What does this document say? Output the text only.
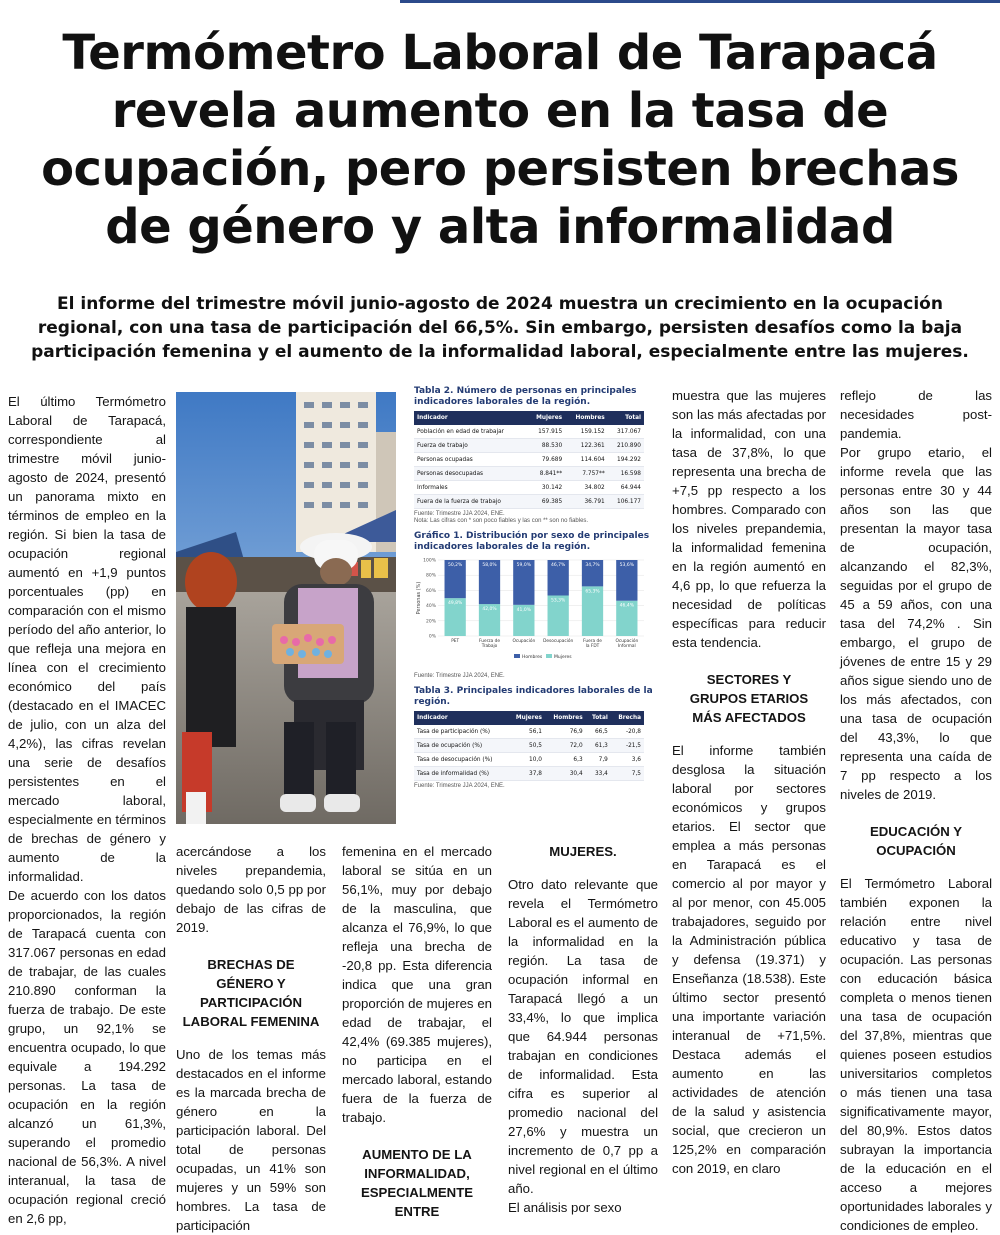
Termómetro Laboral de Tarapacá revela aumento en la tasa de ocupación, pero persisten brechas de género y alta informalidad

El informe del trimestre móvil junio-agosto de 2024 muestra un crecimiento en la ocupación regional, con una tasa de participación del 66,5%. Sin embargo, persisten desafíos como la baja participación femenina y el aumento de la informalidad laboral, especialmente entre las mujeres.

El último Termómetro Laboral de Tarapacá, correspondiente al trimestre móvil junio-agosto de 2024, presentó un panorama mixto en términos de empleo en la región. Si bien la tasa de ocupación regional aumentó en +1,9 puntos porcentuales (pp) en comparación con el mismo período del año anterior, lo que refleja una mejora en línea con el crecimiento económico del país (destacado en el IMACEC de julio, con un alza del 4,2%), las cifras revelan una serie de desafíos persistentes en el mercado laboral, especialmente en términos de brechas de género y aumento de la informalidad.

De acuerdo con los datos proporcionados, la región de Tarapacá cuenta con 317.067 personas en edad de trabajar, de las cuales 210.890 conforman la fuerza de trabajo. De este grupo, un 92,1% se encuentra ocupado, lo que equivale a 194.292 personas. La tasa de ocupación en la región alcanzó un 61,3%, superando el promedio nacional de 56,3%. A nivel interanual, la tasa de ocupación regional creció en 2,6 pp,

Tabla 2. Número de personas en principales indicadores laborales de la región.

Indicador	Mujeres	Hombres	Total
Población en edad de trabajar	157.915	159.152	317.067
Fuerza de trabajo	88.530	122.361	210.890
Personas ocupadas	79.689	114.604	194.292
Personas desocupadas	8.841**	7.757**	16.598
Informales	30.142	34.802	64.944
Fuera de la fuerza de trabajo	69.385	36.791	106.177
Fuente: Trimestre JJA 2024, ENE.
Nota: Las cifras con * son poco fiables y las con ** son no fiables.

Gráfico 1. Distribución por sexo de principales indicadores laborales de la región.

Personas (%)
0%
20%
40%
60%
80%
100%
50,2%
49,8%
PET
58,0%
42,0%
Fuerza de Trabajo
59,0%
41,0%
Ocupación
46,7%
53,3%
Desocupación
34,7%
65,3%
Fuera de la FDT
53,6%
46,4%
Ocupación Informal
Hombres	Mujeres
Fuente: Trimestre JJA 2024, ENE.

Tabla 3. Principales indicadores laborales de la región.

Indicador	Mujeres	Hombres	Total	Brecha
Tasa de participación (%)	56,1	76,9	66,5	-20,8
Tasa de ocupación (%)	50,5	72,0	61,3	-21,5
Tasa de desocupación (%)	10,0	6,3	7,9	3,6
Tasa de informalidad (%)	37,8	30,4	33,4	7,5
Fuente: Trimestre JJA 2024, ENE.

acercándose a los niveles prepandemia, quedando solo 0,5 pp por debajo de las cifras de 2019.

BRECHAS DE GÉNERO Y PARTICIPACIÓN LABORAL FEMENINA

Uno de los temas más destacados en el informe es la marcada brecha de género en la participación laboral. Del total de personas ocupadas, un 41% son mujeres y un 59% son hombres. La tasa de participación

femenina en el mercado laboral se sitúa en un 56,1%, muy por debajo de la masculina, que alcanza el 76,9%, lo que refleja una brecha de -20,8 pp. Esta diferencia indica que una gran proporción de mujeres en edad de trabajar, el 42,4% (69.385 mujeres), no participa en el mercado laboral, estando fuera de la fuerza de trabajo.

AUMENTO DE LA INFORMALIDAD, ESPECIALMENTE ENTRE
MUJERES.

Otro dato relevante que revela el Termómetro Laboral es el aumento de la informalidad en la región. La tasa de ocupación informal en Tarapacá llegó a un 33,4%, lo que implica que 64.944 personas trabajan en condiciones de informalidad. Esta cifra es superior al promedio nacional del 27,6% y muestra un incremento de 0,7 pp a nivel regional en el último año.

El análisis por sexo

muestra que las mujeres son las más afectadas por la informalidad, con una tasa de 37,8%, lo que representa una brecha de +7,5 pp respecto a los hombres. Comparado con los niveles prepandemia, la informalidad femenina en la región aumentó en 4,6 pp, lo que refuerza la necesidad de políticas específicas para reducir esta tendencia.

SECTORES Y GRUPOS ETARIOS MÁS AFECTADOS

El informe también desglosa la situación laboral por sectores económicos y grupos etarios. El sector que emplea a más personas en Tarapacá es el comercio al por mayor y al por menor, con 45.005 trabajadores, seguido por la Administración pública y defensa (19.371) y Enseñanza (18.538). Este último sector presentó una importante variación interanual de +71,5%. Destaca además el aumento en las actividades de atención de la salud y asistencia social, que crecieron un 125,2% en comparación con 2019, en claro

reflejo de las necesidades post-pandemia.

Por grupo etario, el informe revela que las personas entre 30 y 44 años son las que presentan la mayor tasa de ocupación, alcanzando el 82,3%, seguidas por el grupo de 45 a 59 años, con una tasa del 74,2% . Sin embargo, el grupo de jóvenes de entre 15 y 29 años sigue siendo uno de los más afectados, con una tasa de ocupación del 43,3%, lo que representa una caída de 7 pp respecto a los niveles de 2019.

EDUCACIÓN Y OCUPACIÓN

El Termómetro Laboral también exponen la relación entre nivel educativo y tasa de ocupación. Las personas con educación básica completa o menos tienen una tasa de ocupación del 37,8%, mientras que quienes poseen estudios universitarios completos o más tienen una tasa significativamente mayor, del 80,9%. Estos datos subrayan la importancia de la educación en el acceso a mejores oportunidades laborales y condiciones de empleo.
